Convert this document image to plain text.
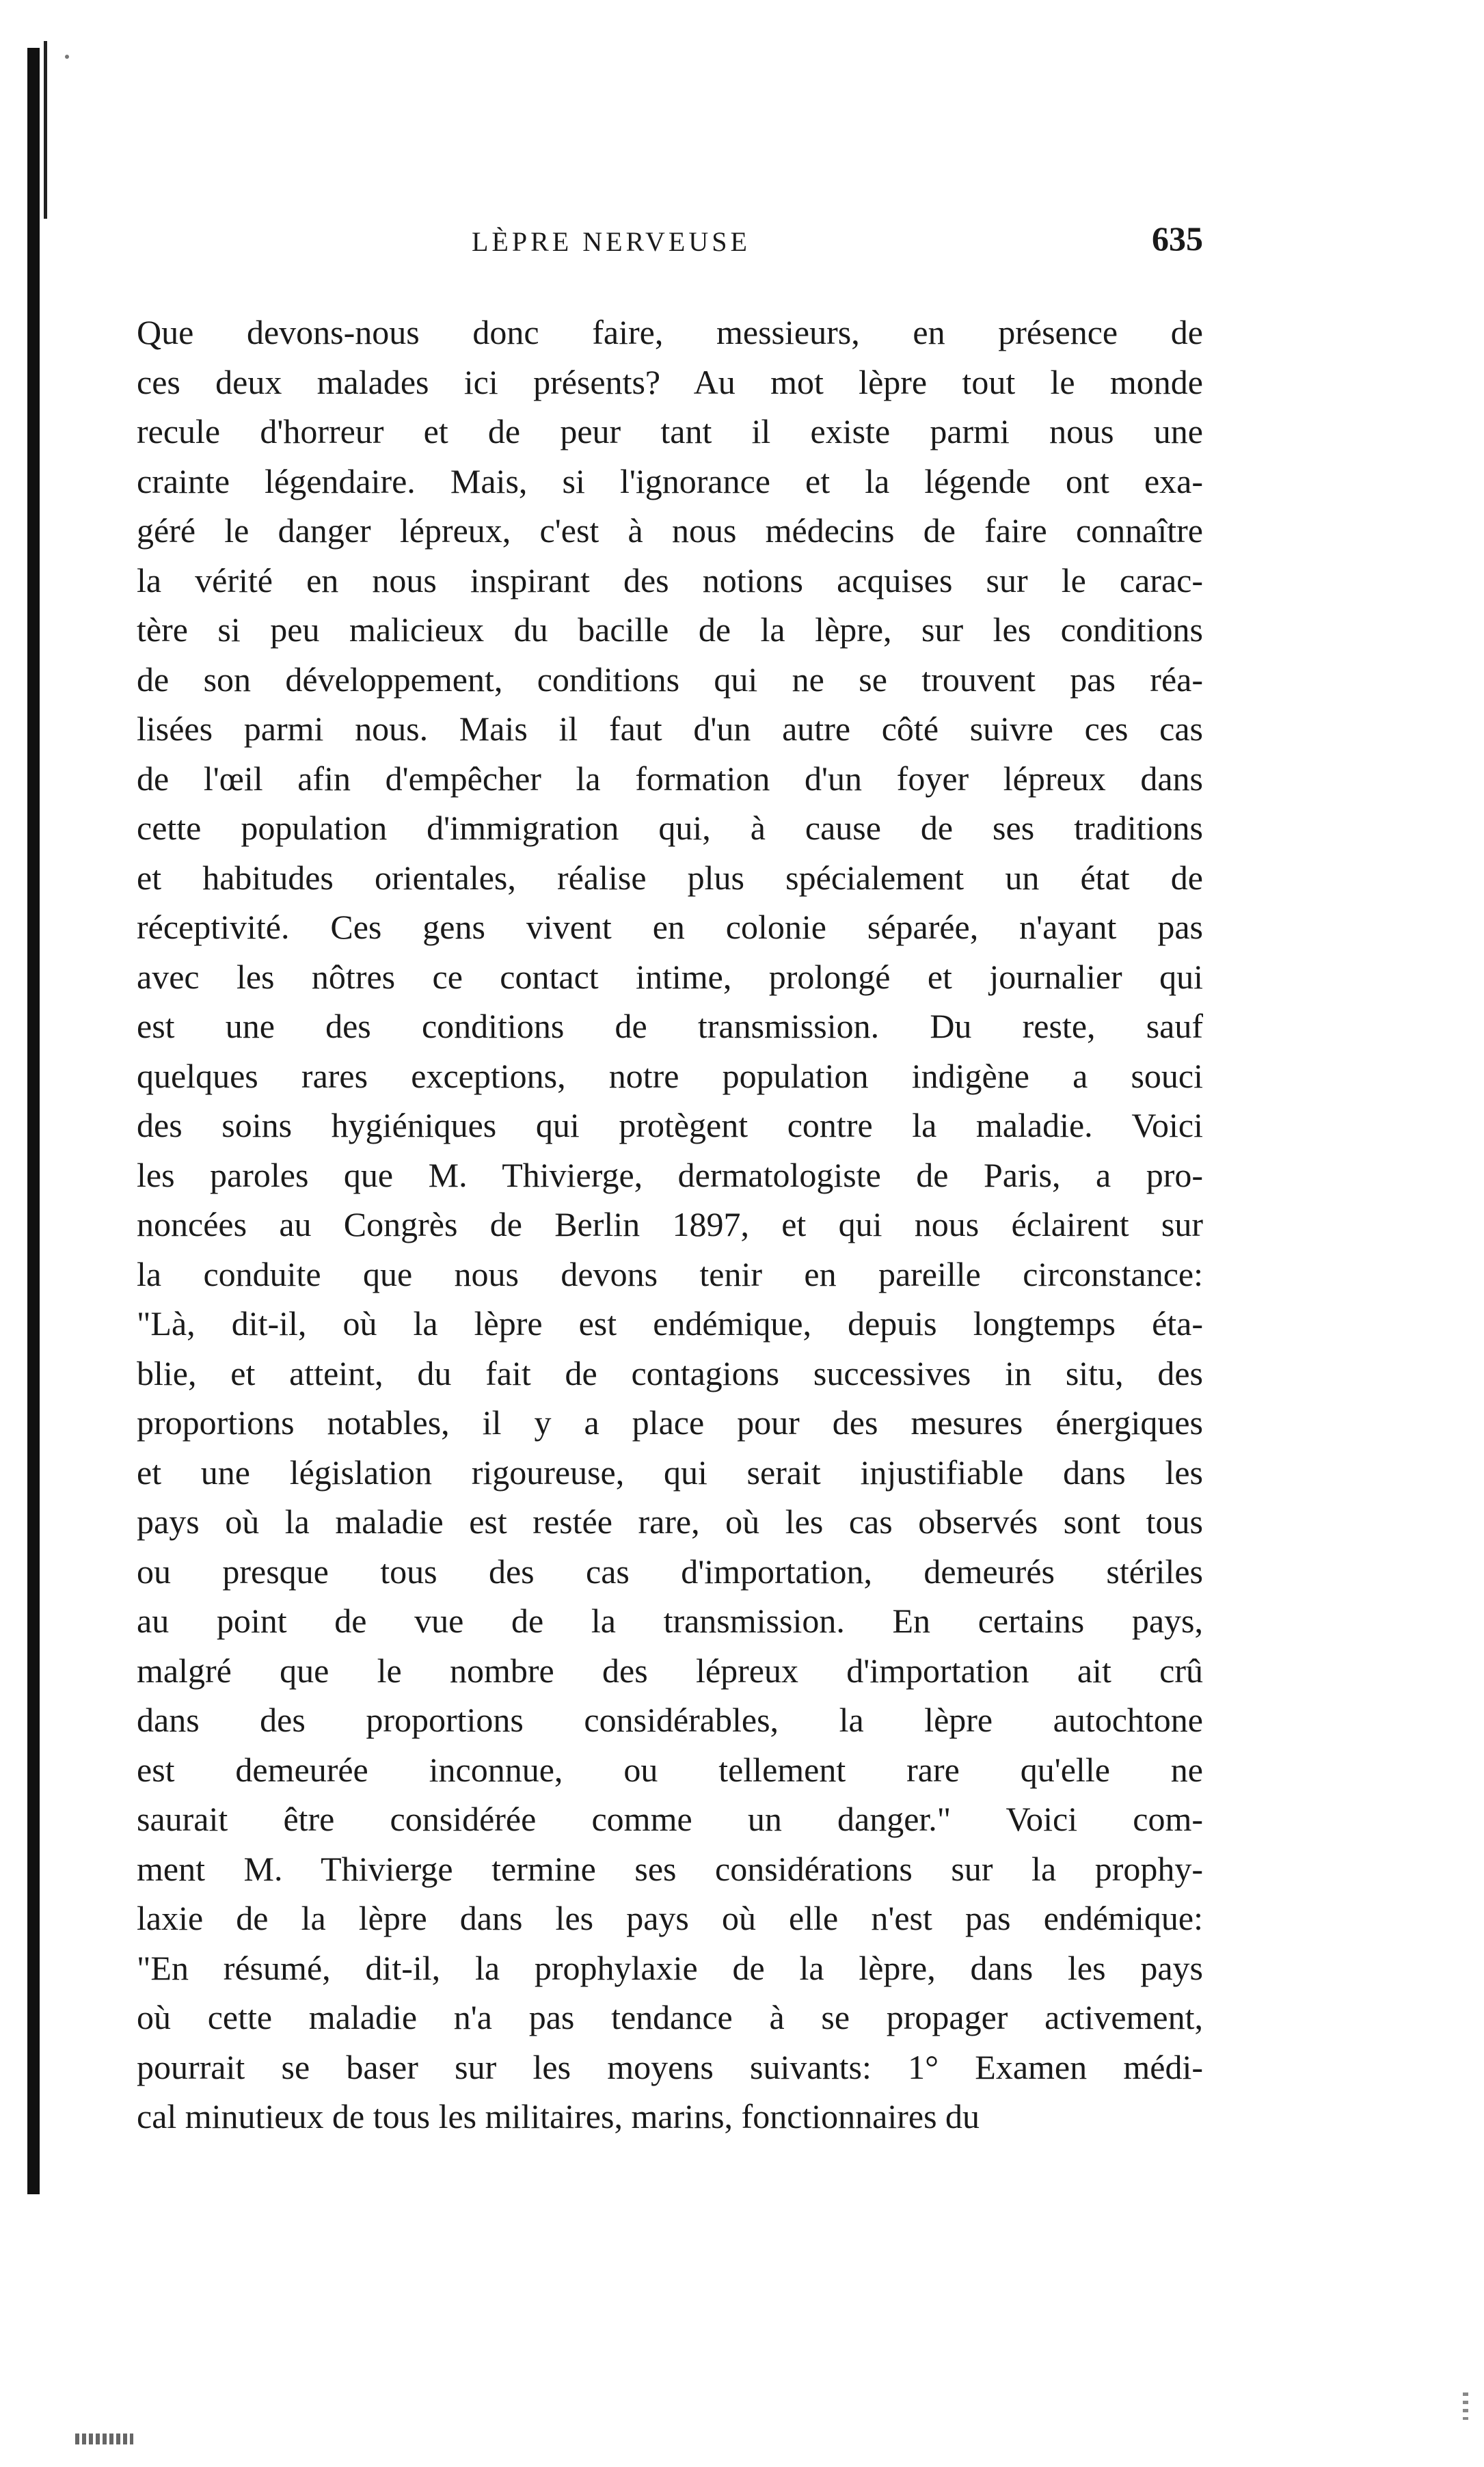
LÈPRE NERVEUSE	635
Que devons-nous donc faire, messieurs, en présence de
ces deux malades ici présents? Au mot lèpre tout le monde
recule d'horreur et de peur tant il existe parmi nous une
crainte légendaire. Mais, si l'ignorance et la légende ont exa-
géré le danger lépreux, c'est à nous médecins de faire connaître
la vérité en nous inspirant des notions acquises sur le carac-
tère si peu malicieux du bacille de la lèpre, sur les conditions
de son développement, conditions qui ne se trouvent pas réa-
lisées parmi nous. Mais il faut d'un autre côté suivre ces cas
de l'œil afin d'empêcher la formation d'un foyer lépreux dans
cette population d'immigration qui, à cause de ses traditions
et habitudes orientales, réalise plus spécialement un état de
réceptivité. Ces gens vivent en colonie séparée, n'ayant pas
avec les nôtres ce contact intime, prolongé et journalier qui
est une des conditions de transmission. Du reste, sauf
quelques rares exceptions, notre population indigène a souci
des soins hygiéniques qui protègent contre la maladie. Voici
les paroles que M. Thivierge, dermatologiste de Paris, a pro-
noncées au Congrès de Berlin 1897, et qui nous éclairent sur
la conduite que nous devons tenir en pareille circonstance:
"Là, dit-il, où la lèpre est endémique, depuis longtemps éta-
blie, et atteint, du fait de contagions successives in situ, des
proportions notables, il y a place pour des mesures énergiques
et une législation rigoureuse, qui serait injustifiable dans les
pays où la maladie est restée rare, où les cas observés sont tous
ou presque tous des cas d'importation, demeurés stériles
au point de vue de la transmission. En certains pays,
malgré que le nombre des lépreux d'importation ait crû
dans des proportions considérables, la lèpre autochtone
est demeurée inconnue, ou tellement rare qu'elle ne
saurait être considérée comme un danger." Voici com-
ment M. Thivierge termine ses considérations sur la prophy-
laxie de la lèpre dans les pays où elle n'est pas endémique:
"En résumé, dit-il, la prophylaxie de la lèpre, dans les pays
où cette maladie n'a pas tendance à se propager activement,
pourrait se baser sur les moyens suivants: 1° Examen médi-
cal minutieux de tous les militaires, marins, fonctionnaires du
